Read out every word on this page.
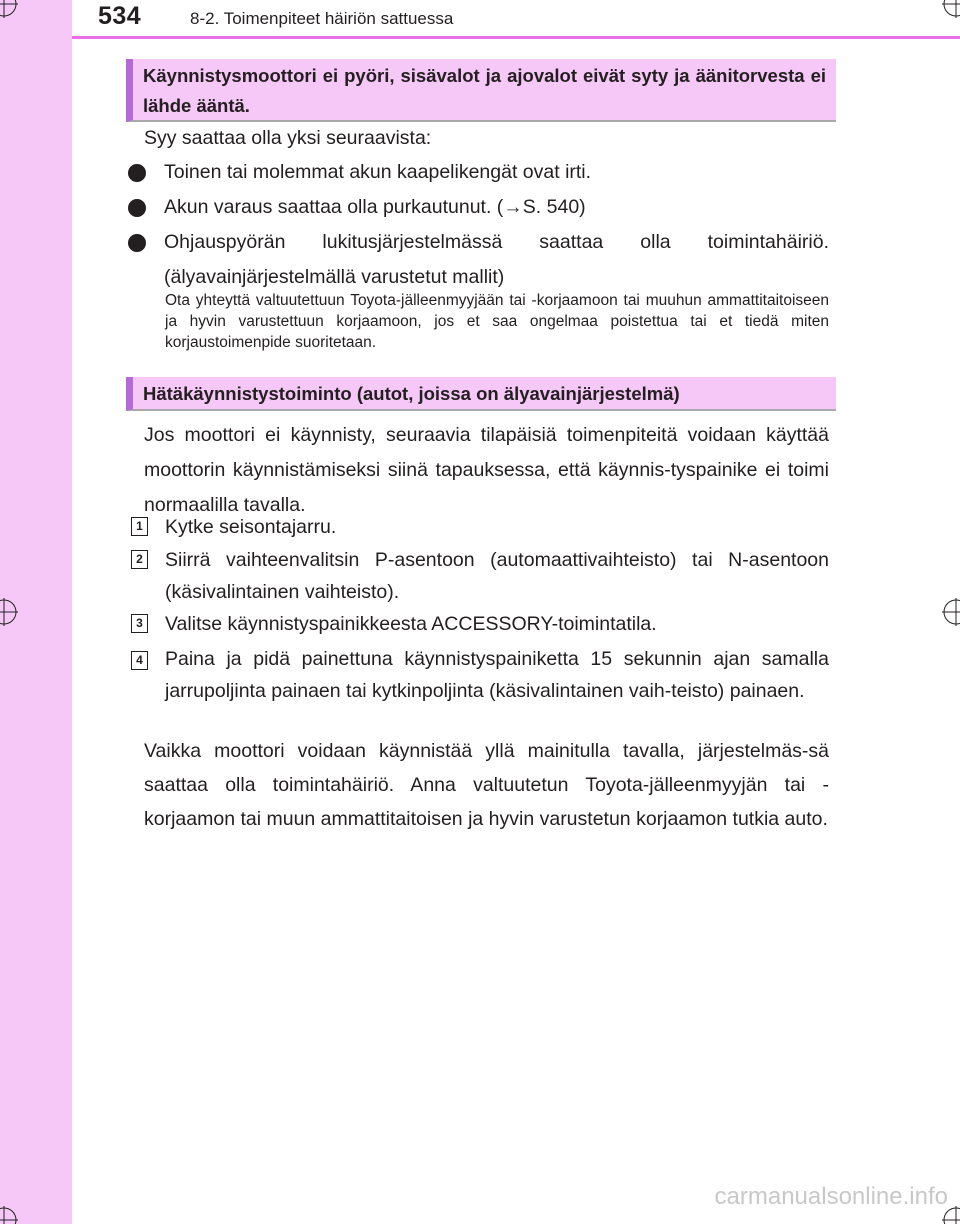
534	8-2. Toimenpiteet häiriön sattuessa
Käynnistysmoottori ei pyöri, sisävalot ja ajovalot eivät syty ja äänitorvesta ei lähde ääntä.
Syy saattaa olla yksi seuraavista:
Toinen tai molemmat akun kaapelikengät ovat irti.
Akun varaus saattaa olla purkautunut. (→S. 540)
Ohjauspyörän lukitusjärjestelmässä saattaa olla toimintahäiriö. (älyavainjärjestelmällä varustetut mallit)
Ota yhteyttä valtuutettuun Toyota-jälleenmyyjään tai -korjaamoon tai muuhun ammattitaitoiseen ja hyvin varustettuun korjaamoon, jos et saa ongelmaa poistettua tai et tiedä miten korjaustoimenpide suoritetaan.
Hätäkäynnistystoiminto (autot, joissa on älyavainjärjestelmä)
Jos moottori ei käynnisty, seuraavia tilapäisiä toimenpiteitä voidaan käyttää moottorin käynnistämiseksi siinä tapauksessa, että käynnis-tyspainike ei toimi normaalilla tavalla.
1 Kytke seisontajarru.
2 Siirrä vaihteenvalitsin P-asentoon (automaattivaihteisto) tai N-asentoon (käsivalintainen vaihteisto).
3 Valitse käynnistyspainikkeesta ACCESSORY-toimintatila.
4 Paina ja pidä painettuna käynnistyspainiketta 15 sekunnin ajan samalla jarrupoljinta painaen tai kytkinpoljinta (käsivalintainen vaih-teisto) painaen.
Vaikka moottori voidaan käynnistää yllä mainitulla tavalla, järjestelmäs-sä saattaa olla toimintahäiriö. Anna valtuutetun Toyota-jälleenmyyjän tai -korjaamon tai muun ammattitaitoisen ja hyvin varustetun korjaamon tutkia auto.
carmanualsonline.info
